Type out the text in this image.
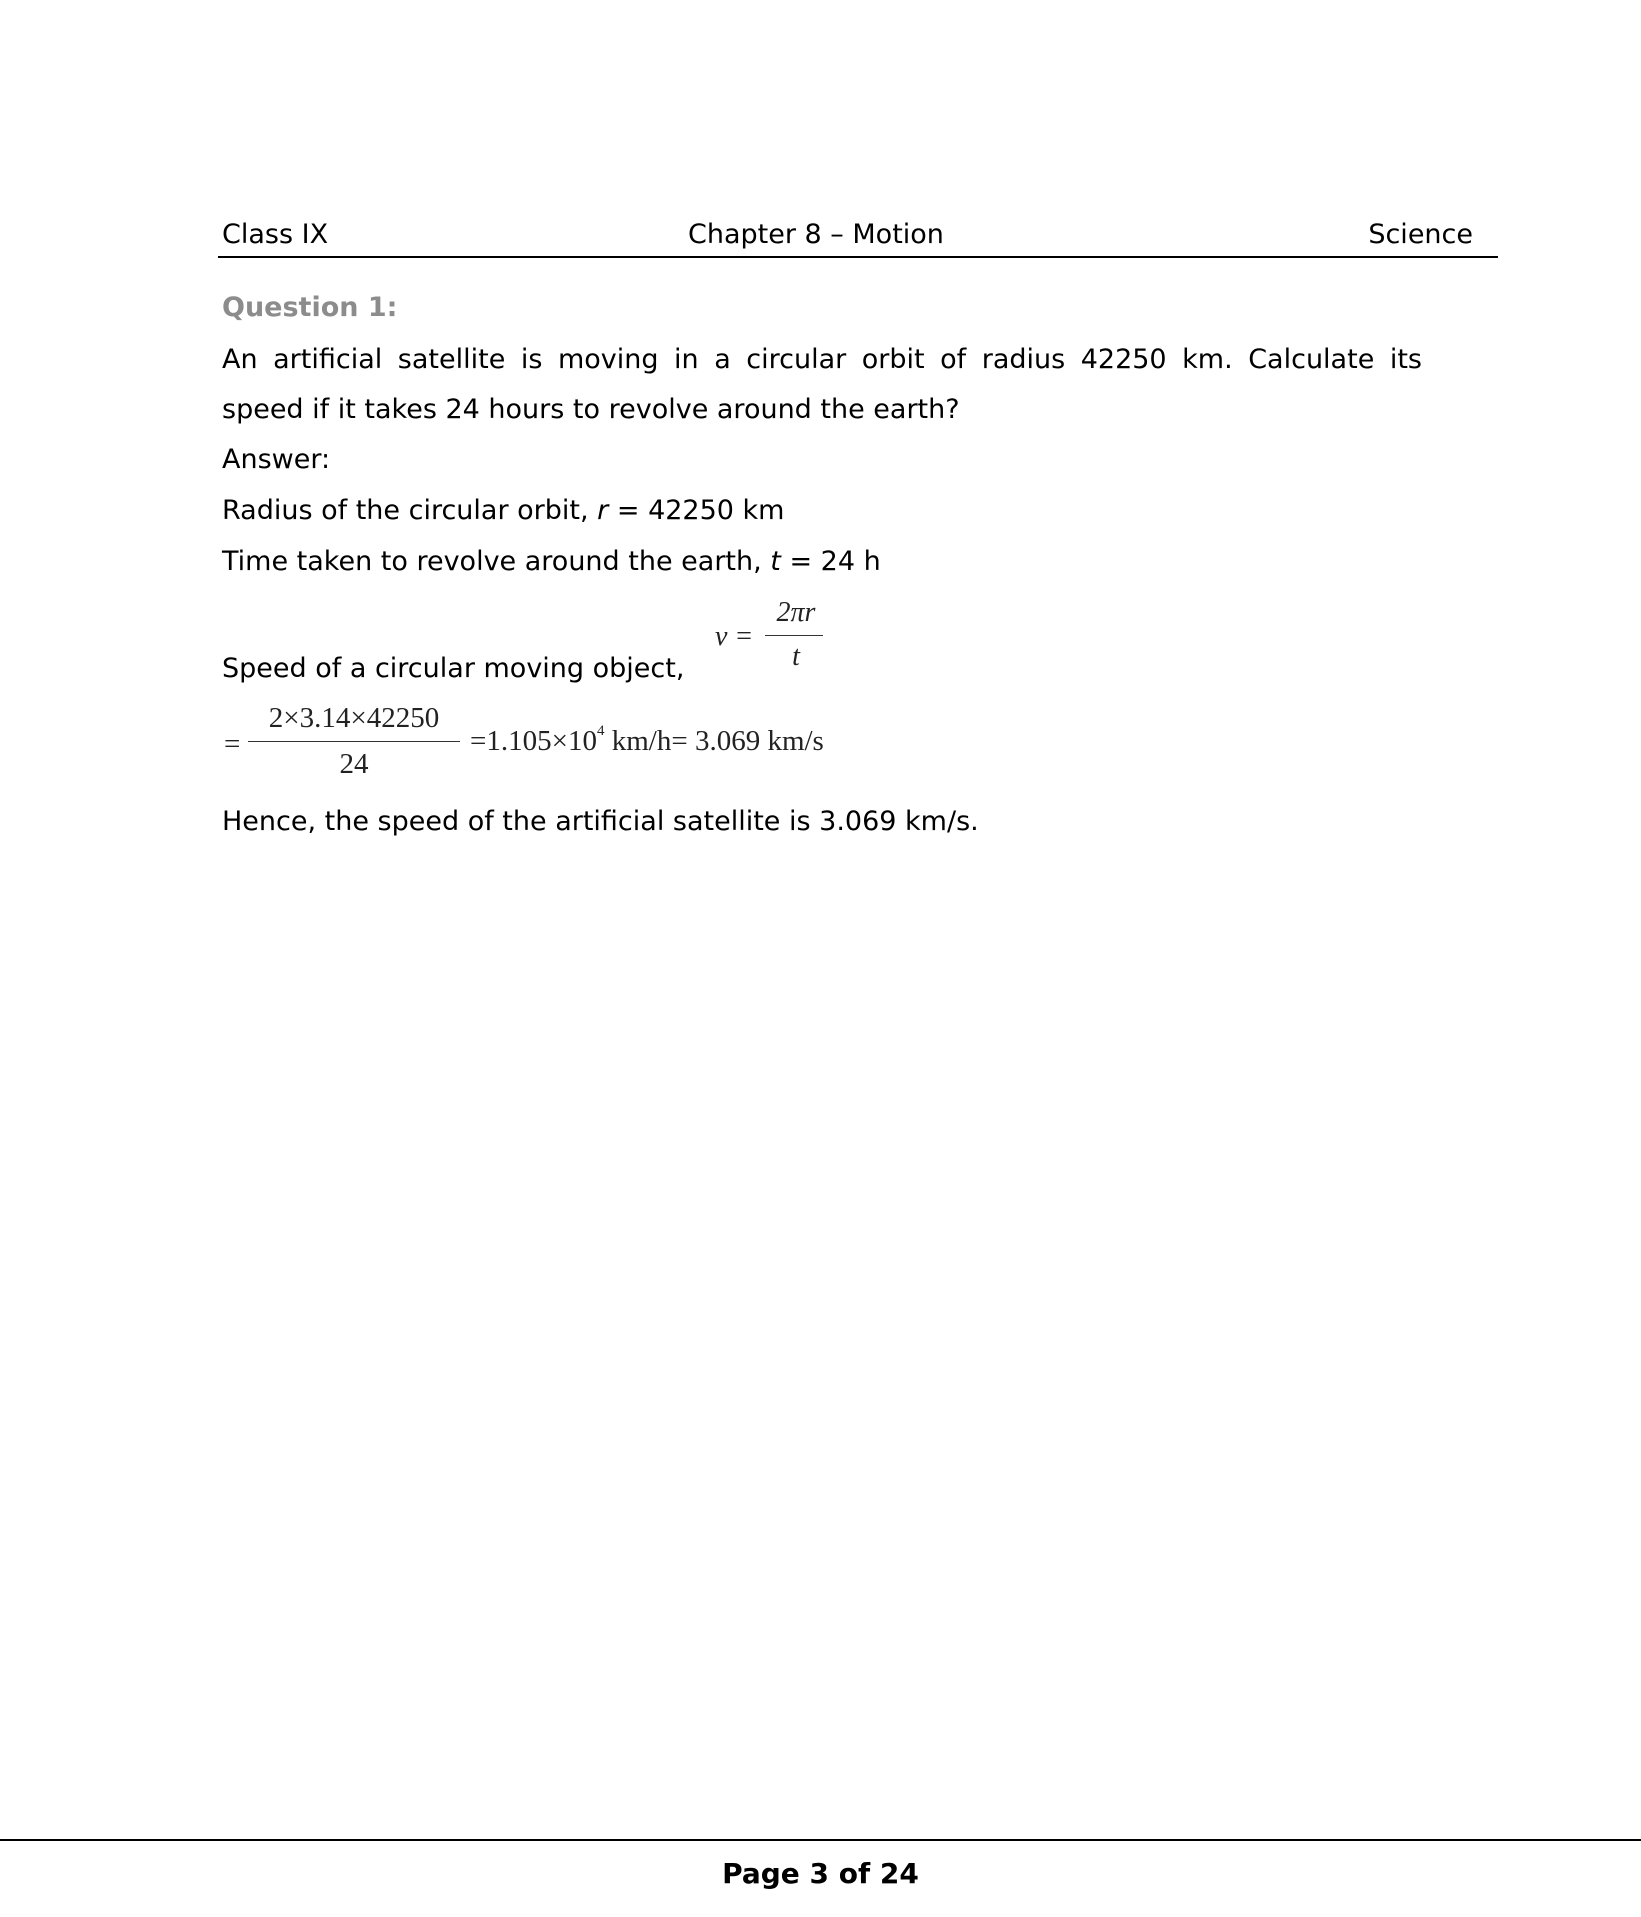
Class IX	Chapter 8 – Motion	Science
Question 1:
An artificial satellite is moving in a circular orbit of radius 42250 km. Calculate its
speed if it takes 24 hours to revolve around the earth?
Answer:
Radius of the circular orbit, r = 42250 km
Time taken to revolve around the earth, t = 24 h
Speed of a circular moving object,
v =
2πr
t
=
2×3.14×42250
24
$=1.105\times 10^4$ km/h= 3.069 km/s
Hence, the speed of the artificial satellite is 3.069 km/s.
Page 3 of 24
